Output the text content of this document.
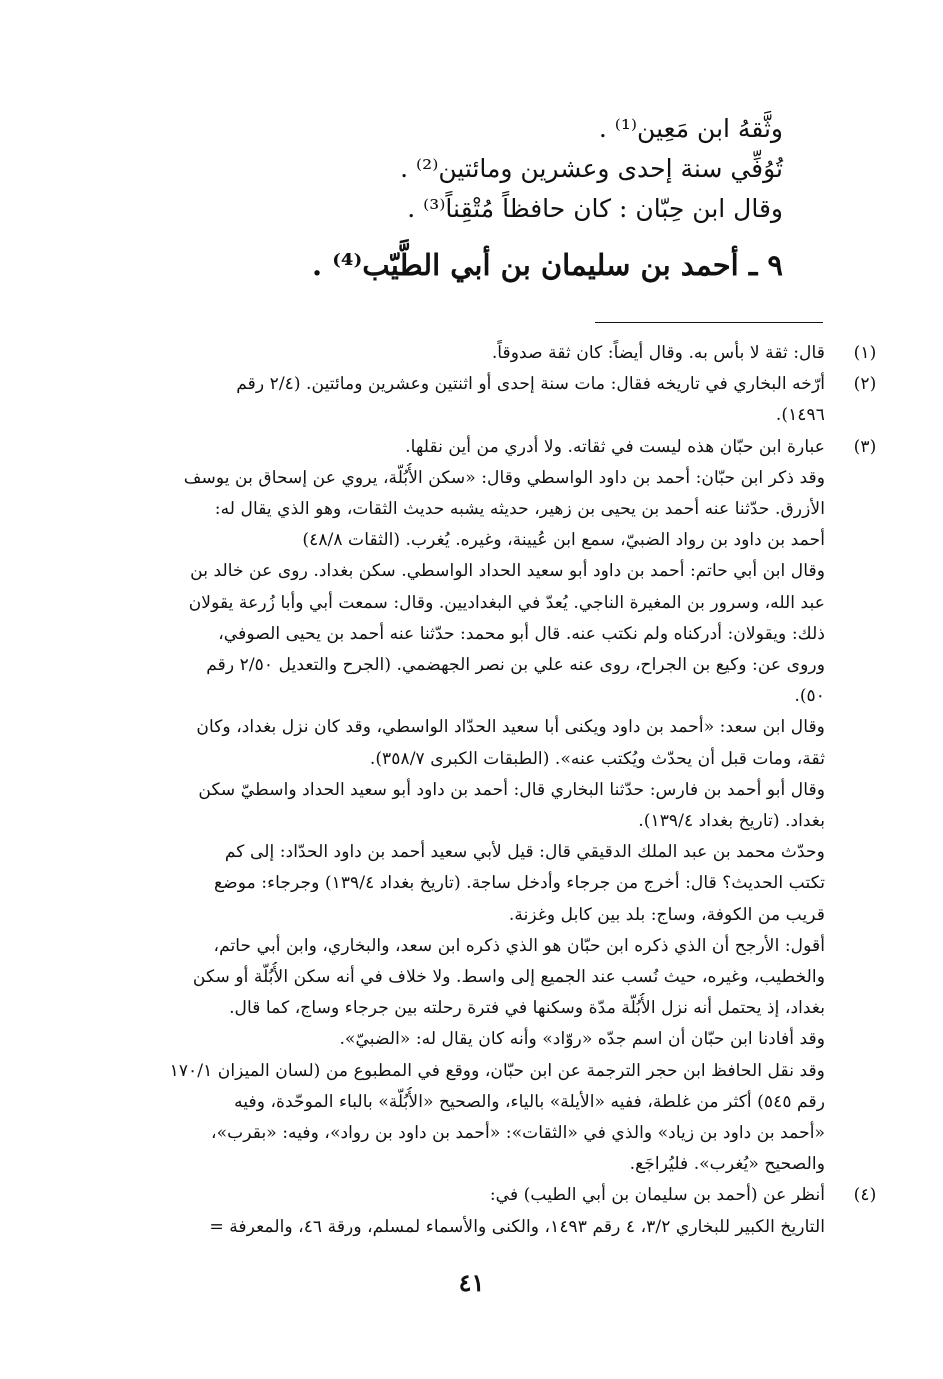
وثَّقهُ ابن مَعِين⁽¹⁾ .

تُوُفِّي سنة إحدى وعشرين ومائتين⁽²⁾ .

وقال ابن حِبّان : كان حافظاً مُتْقِناً⁽³⁾ .

٩ ـ أحمد بن سليمان بن أبي الطَّيّب⁽⁴⁾ .
(١)
قال: ثقة لا بأس به. وقال أيضاً: كان ثقة صدوقاً.
(٢)
أرّخه البخاري في تاريخه فقال: مات سنة إحدى أو اثنتين وعشرين ومائتين. (٢/٤ رقم
١٤٩٦).
(٣)
عبارة ابن حبّان هذه ليست في ثقاته. ولا أدري من أين نقلها.
وقد ذكر ابن حبّان: أحمد بن داود الواسطي وقال: «سكن الأُبُلّة، يروي عن إسحاق بن يوسف
الأزرق. حدّثنا عنه أحمد بن يحيى بن زهير، حديثه يشبه حديث الثقات، وهو الذي يقال له:
أحمد بن داود بن رواد الضبيّ، سمع ابن عُيينة، وغيره. يُغرب. (الثقات ٤٨/٨)
وقال ابن أبي حاتم: أحمد بن داود أبو سعيد الحداد الواسطي. سكن بغداد. روى عن خالد بن
عبد الله، وسرور بن المغيرة الناجي. يُعدّ في البغداديين. وقال: سمعت أبي وأبا زُرعة يقولان
ذلك: ويقولان: أدركناه ولم نكتب عنه. قال أبو محمد: حدّثنا عنه أحمد بن يحيى الصوفي،
وروى عن: وكيع بن الجراح، روى عنه علي بن نصر الجهضمي. (الجرح والتعديل ٢/٥٠ رقم
٥٠).
وقال ابن سعد: «أحمد بن داود ويكنى أبا سعيد الحدّاد الواسطي، وقد كان نزل بغداد، وكان
ثقة، ومات قبل أن يحدّث ويُكتب عنه». (الطبقات الكبرى ٣٥٨/٧).
وقال أبو أحمد بن فارس: حدّثنا البخاري قال: أحمد بن داود أبو سعيد الحداد واسطيّ سكن
بغداد. (تاريخ بغداد ١٣٩/٤).
وحدّث محمد بن عبد الملك الدقيقي قال: قيل لأبي سعيد أحمد بن داود الحدّاد: إلى كم
تكتب الحديث؟ قال: أخرج من جرجاء وأدخل ساجة. (تاريخ بغداد ١٣٩/٤) وجرجاء: موضع
قريب من الكوفة، وساج: بلد بين كابل وغزنة.
أقول: الأرجح أن الذي ذكره ابن حبّان هو الذي ذكره ابن سعد، والبخاري، وابن أبي حاتم،
والخطيب، وغيره، حيث نُسب عند الجميع إلى واسط. ولا خلاف في أنه سكن الأُبُلّة أو سكن
بغداد، إذ يحتمل أنه نزل الأُبُلّة مدّة وسكنها في فترة رحلته بين جرجاء وساج، كما قال.
وقد أفادنا ابن حبّان أن اسم جدّه «روّاد» وأنه كان يقال له: «الضبيّ».
وقد نقل الحافظ ابن حجر الترجمة عن ابن حبّان، ووقع في المطبوع من (لسان الميزان ١٧٠/١
رقم ٥٤٥) أكثر من غلطة، ففيه «الأيلة» بالياء، والصحيح «الأُبُلّة» بالباء الموحّدة، وفيه
«أحمد بن داود بن زياد» والذي في «الثقات»: «أحمد بن داود بن رواد»، وفيه: «بقرب»،
والصحيح «يُغرب». فليُراجَع.
(٤)
أنظر عن (أحمد بن سليمان بن أبي الطيب) في:
التاريخ الكبير للبخاري ٣/٢، ٤ رقم ١٤٩٣، والكنى والأسماء لمسلم، ورقة ٤٦، والمعرفة =
٤١
